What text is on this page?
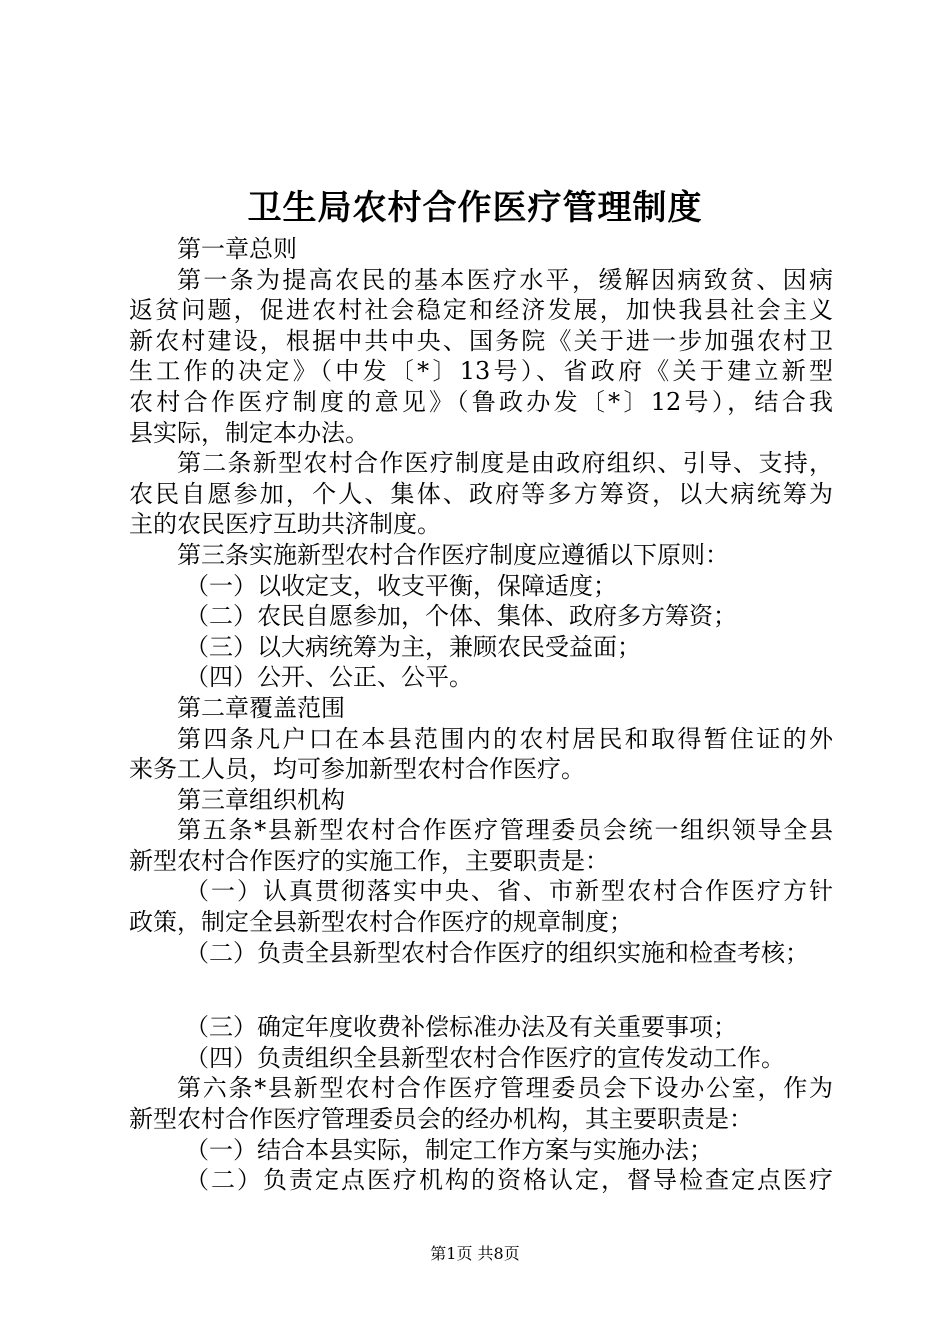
卫生局农村合作医疗管理制度
第一章总则
第一条为提高农民的基本医疗水平，缓解因病致贫、因病
返贫问题，促进农村社会稳定和经济发展，加快我县社会主义
新农村建设，根据中共中央、国务院《关于进一步加强农村卫
生工作的决定》（中发〔*〕13号）、省政府《关于建立新型
农村合作医疗制度的意见》（鲁政办发〔*〕12号），结合我
县实际，制定本办法。
第二条新型农村合作医疗制度是由政府组织、引导、支持，
农民自愿参加，个人、集体、政府等多方筹资，以大病统筹为
主的农民医疗互助共济制度。
第三条实施新型农村合作医疗制度应遵循以下原则：
（一）以收定支，收支平衡，保障适度；
（二）农民自愿参加，个体、集体、政府多方筹资；
（三）以大病统筹为主，兼顾农民受益面；
（四）公开、公正、公平。
第二章覆盖范围
第四条凡户口在本县范围内的农村居民和取得暂住证的外
来务工人员，均可参加新型农村合作医疗。
第三章组织机构
第五条*县新型农村合作医疗管理委员会统一组织领导全县
新型农村合作医疗的实施工作，主要职责是：
（一）认真贯彻落实中央、省、市新型农村合作医疗方针
政策，制定全县新型农村合作医疗的规章制度；
（二）负责全县新型农村合作医疗的组织实施和检查考核；
（三）确定年度收费补偿标准办法及有关重要事项；
（四）负责组织全县新型农村合作医疗的宣传发动工作。
第六条*县新型农村合作医疗管理委员会下设办公室，作为
新型农村合作医疗管理委员会的经办机构，其主要职责是：
（一）结合本县实际，制定工作方案与实施办法；
（二）负责定点医疗机构的资格认定，督导检查定点医疗
第1页 共8页
